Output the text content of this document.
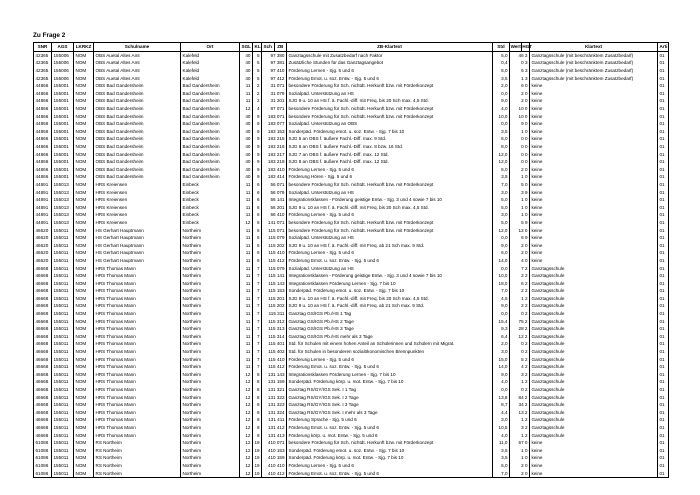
Zu Frage 2
SNR	AGS	LKRKZ	Schulname	Ort	SGL	KL	Sch ZB	ZB-Klartext	Std	Wert HGT	Klartext	Arti
42365	155006	NOM	OBS Auetal Altes Amt	Kalefeld	40	5	97 380	Ganztagsschule mit Zusatzbedarf nach Faktor	5,0	46 3	Ganztagsschule (mit beschränktem Zusatzbedarf)	01
42365	155006	NOM	OBS Auetal Altes Amt	Kalefeld	40	5	97 381	Zusätzliche Stunden für das Ganztagsangebot	0,4	0 3	Ganztagsschule (mit beschränktem Zusatzbedarf)	01
42365	155006	NOM	OBS Auetal Altes Amt	Kalefeld	40	5	97 410	Förderung Lernen - Sjg. 5 und 6	6,0	6 3	Ganztagsschule (mit beschränktem Zusatzbedarf)	01
42365	155006	NOM	OBS Auetal Altes Amt	Kalefeld	40	5	97 412	Förderung Emot. u. soz. Entw. - Sjg. 5 und 6	3,5	1 3	Ganztagsschule (mit beschränktem Zusatzbedarf)	01
44866	155001	NOM	OBS Bad Gandersheim	Bad Gandersheim	11	2	31 071	besondere Förderung für Sch. nichtdt. Herkunft bzw. mit Förderkonzept	2,0	6 0	keine	01
44866	155001	NOM	OBS Bad Gandersheim	Bad Gandersheim	11	2	31 079	Sozialpäd. Unterstützung an HS	0,0	2 0	keine	01
44866	155001	NOM	OBS Bad Gandersheim	Bad Gandersheim	11	2	31 201	SJG 9 u. 10 an HS f. ä. Fachl.-diff. mit Freq. bis 20 Sch max. 4,5 Std.	9,0	2 0	keine	01
44866	155001	NOM	OBS Bad Gandersheim	Bad Gandersheim	12	4	87 071	besondere Förderung für Sch. nichtdt. Herkunft bzw. mit Förderkonzept	4,0	10 0	keine	01
44866	155001	NOM	OBS Bad Gandersheim	Bad Gandersheim	40	9	183 071	besondere Förderung für Sch. nichtdt. Herkunft bzw. mit Förderkonzept	10,0	10 0	keine	01
44866	155001	NOM	OBS Bad Gandersheim	Bad Gandersheim	40	9	183 077	Sozialpäd. Unterstützung an OBS	0,0	9 0	keine	01
44866	155001	NOM	OBS Bad Gandersheim	Bad Gandersheim	40	9	183 153	Sonderpäd. Förderung emot. u. soz. Entw. - Sjg. 7 bis 10	3,5	1 0	keine	01
44866	155001	NOM	OBS Bad Gandersheim	Bad Gandersheim	40	9	183 215	SJG 5 an OBS f. äußere Fachl.-Diff. max. 9 Std.	6,0	0 0	keine	01
44866	155001	NOM	OBS Bad Gandersheim	Bad Gandersheim	40	9	183 216	SJG 6 an OBS f. äußere Fachl.-Diff. max. 8 bzw. 16 Std.	8,0	0 0	keine	01
44866	155001	NOM	OBS Bad Gandersheim	Bad Gandersheim	40	9	183 217	SJG 7 an OBS f. äußere Fachl.-Diff. max. 12 Std.	12,0	0 0	keine	01
44866	155001	NOM	OBS Bad Gandersheim	Bad Gandersheim	40	9	183 218	SJG 8 an OBS f. äußere Fachl.-Diff. max. 12 Std.	12,0	0 0	keine	01
44866	155001	NOM	OBS Bad Gandersheim	Bad Gandersheim	40	9	183 410	Förderung Lernen - Sjg. 5 und 6	6,0	2 0	keine	01
44866	155001	NOM	OBS Bad Gandersheim	Bad Gandersheim	40	9	183 414	Förderung Hören - Sjg. 5 und 6	3,5	1 0	keine	01
44891	155013	NOM	HRS Kreiensen	Einbeck	11	6	56 071	besondere Förderung für Sch. nichtdt. Herkunft bzw. mit Förderkonzept	7,0	5 0	keine	01
44891	155013	NOM	HRS Kreiensen	Einbeck	11	6	56 079	Sozialpäd. Unterstützung an HS	3,0	3 9	keine	01
44891	155013	NOM	HRS Kreiensen	Einbeck	11	6	56 141	Integrationsklassen - Förderung geistige Entw. - Sjg. 3 und 4 sowie 7 bis 10	5,0	1 0	keine	01
44891	155013	NOM	HRS Kreiensen	Einbeck	11	6	56 201	SJG 9 u. 10 an HS f. ä. Fachl.-diff. mit Freq. bis 20 Sch max. 4,5 Std.	5,0	1 0	keine	01
44891	155013	NOM	HRS Kreiensen	Einbeck	11	6	56 410	Förderung Lernen - Sjg. 5 und 6	3,0	1 0	keine	01
44891	155013	NOM	HRS Kreiensen	Einbeck	12	6	141 071	besondere Förderung für Sch. nichtdt. Herkunft bzw. mit Förderkonzept	5,0	5 9	keine	01
46620	155011	NOM	HS Gerhart Hauptmann	Northeim	11	6	115 071	besondere Förderung für Sch. nichtdt. Herkunft bzw. mit Förderkonzept	12,0	12 0	keine	01
46620	155011	NOM	HS Gerhart Hauptmann	Northeim	11	6	115 079	Sozialpäd. Unterstützung an HS	0,0	6 9	keine	01
46620	155011	NOM	HS Gerhart Hauptmann	Northeim	11	6	115 202	SJG 9 u. 10 an HS f. ä. Fachl.-diff. mit Freq. ab 21 Sch max. 9 Std.	9,0	2 0	keine	01
46620	155011	NOM	HS Gerhart Hauptmann	Northeim	11	6	115 410	Förderung Lernen - Sjg. 5 und 6	6,0	2 0	keine	01
46620	155011	NOM	HS Gerhart Hauptmann	Northeim	11	6	115 412	Förderung Emot. u. soz. Entw. - Sjg. 5 und 6	14,0	4 0	keine	01
46668	155011	NOM	HRS Thomas Mann	Northeim	11	7	115 079	Sozialpäd. Unterstützung an HS	0,0	7 2	Ganztagsschule	01
46668	155011	NOM	HRS Thomas Mann	Northeim	11	7	115 141	Integrationsklassen - Förderung geistige Entw. - Sjg. 3 und 4 sowie 7 bis 10	10,0	2 2	Ganztagsschule	01
46668	155011	NOM	HRS Thomas Mann	Northeim	11	7	115 143	Integrationsklassen Förderung Lernen - Sjg. 7 bis 10	18,0	6 2	Ganztagsschule	01
46668	155011	NOM	HRS Thomas Mann	Northeim	11	7	115 153	Sonderpäd. Förderung emot. u. soz. Entw. - Sjg. 7 bis 10	7,0	2 2	Ganztagsschule	01
46668	155011	NOM	HRS Thomas Mann	Northeim	11	7	115 201	SJG 9 u. 10 an HS f. ä. Fachl.-diff. mit Freq. bis 20 Sch max. 4,5 Std.	4,5	1 2	Ganztagsschule	01
46668	155011	NOM	HRS Thomas Mann	Northeim	11	7	115 202	SJG 9 u. 10 an HS f. ä. Fachl.-diff. mit Freq. ab 21 Sch max. 9 Std.	9,0	2 2	Ganztagsschule	01
46668	155011	NOM	HRS Thomas Mann	Northeim	11	7	115 311	Ganztag GS/IGS Pb./HS 1 Tag	0,0	0 2	Ganztagsschule	01
46668	155011	NOM	HRS Thomas Mann	Northeim	11	7	115 312	Ganztag GS/IGS Pb./HS 2 Tage	15,4	75 2	Ganztagsschule	01
46668	155011	NOM	HRS Thomas Mann	Northeim	11	7	115 313	Ganztag GS/IGS Pb./HS 3 Tage	9,3	28 2	Ganztagsschule	01
46668	155011	NOM	HRS Thomas Mann	Northeim	11	7	115 314	Ganztag GS/IGS Pb./HS mehr als 3 Tage	6,4	12 2	Ganztagsschule	01
46668	155011	NOM	HRS Thomas Mann	Northeim	11	7	115 401	Std. für Schulen mit einem hohen Anteil an Schülerinnen und Schülern mit Migrat.	2,0	0 2	Ganztagsschule	01
46668	155011	NOM	HRS Thomas Mann	Northeim	11	7	115 402	Std. für Schulen in besonderen sozialökonomischen Brennpunkten	3,0	0 2	Ganztagsschule	01
46668	155011	NOM	HRS Thomas Mann	Northeim	11	7	115 410	Förderung Lernen - Sjg. 5 und 6	15,0	5 2	Ganztagsschule	01
46668	155011	NOM	HRS Thomas Mann	Northeim	11	7	115 412	Förderung Emot. u. soz. Entw. - Sjg. 5 und 6	14,0	4 2	Ganztagsschule	01
46668	155011	NOM	HRS Thomas Mann	Northeim	12	8	131 143	Integrationsklassen Förderung Lernen - Sjg. 7 bis 10	9,0	3 2	Ganztagsschule	01
46668	155011	NOM	HRS Thomas Mann	Northeim	12	8	131 159	Sonderpäd. Förderung körp. u. mot. Entw. - Sjg. 7 bis 10	4,0	1 2	Ganztagsschule	01
46668	155011	NOM	HRS Thomas Mann	Northeim	12	8	131 321	Ganztag RS/GY/IGS Sek. I 1 Tag	0,0	0 2	Ganztagsschule	01
46668	155011	NOM	HRS Thomas Mann	Northeim	12	8	131 322	Ganztag RS/GY/IGS Sek. I 2 Tage	13,8	84 2	Ganztagsschule	01
46668	155011	NOM	HRS Thomas Mann	Northeim	12	8	131 323	Ganztag RS/GY/IGS Sek. I 3 Tage	8,7	34 2	Ganztagsschule	01
46668	155011	NOM	HRS Thomas Mann	Northeim	12	8	131 324	Ganztag RS/GY/IGS Sek. I mehr als 3 Tage	4,4	13 2	Ganztagsschule	01
46668	155011	NOM	HRS Thomas Mann	Northeim	12	8	131 411	Förderung Sprache - Sjg. 5 und 6	3,0	1 2	Ganztagsschule	01
46668	155011	NOM	HRS Thomas Mann	Northeim	12	8	131 412	Förderung Emot. u. soz. Entw. - Sjg. 5 und 6	10,5	3 2	Ganztagsschule	01
46668	155011	NOM	HRS Thomas Mann	Northeim	12	8	131 413	Förderung körp. u. mot. Entw. - Sjg. 5 und 6	4,0	1 2	Ganztagsschule	01
61086	155011	NOM	RS Northeim	Northeim	12	19	410 071	besondere Förderung für Sch. nichtdt. Herkunft bzw. mit Förderkonzept	11,0	67 0	keine	01
61086	155011	NOM	RS Northeim	Northeim	12	19	410 153	Sonderpäd. Förderung emot. u. soz. Entw. - Sjg. 7 bis 10	3,5	1 0	keine	01
61086	155011	NOM	RS Northeim	Northeim	12	19	410 159	Sonderpäd. Förderung körp. u. mot. Entw. - Sjg. 7 bis 10	3,5	1 0	keine	01
61086	155011	NOM	RS Northeim	Northeim	12	19	410 410	Förderung Lernen - Sjg. 5 und 6	6,0	2 0	keine	01
61086	155011	NOM	RS Northeim	Northeim	12	19	410 412	Förderung Emot. u. soz. Entw. - Sjg. 5 und 6	7,0	2 0	keine	01
